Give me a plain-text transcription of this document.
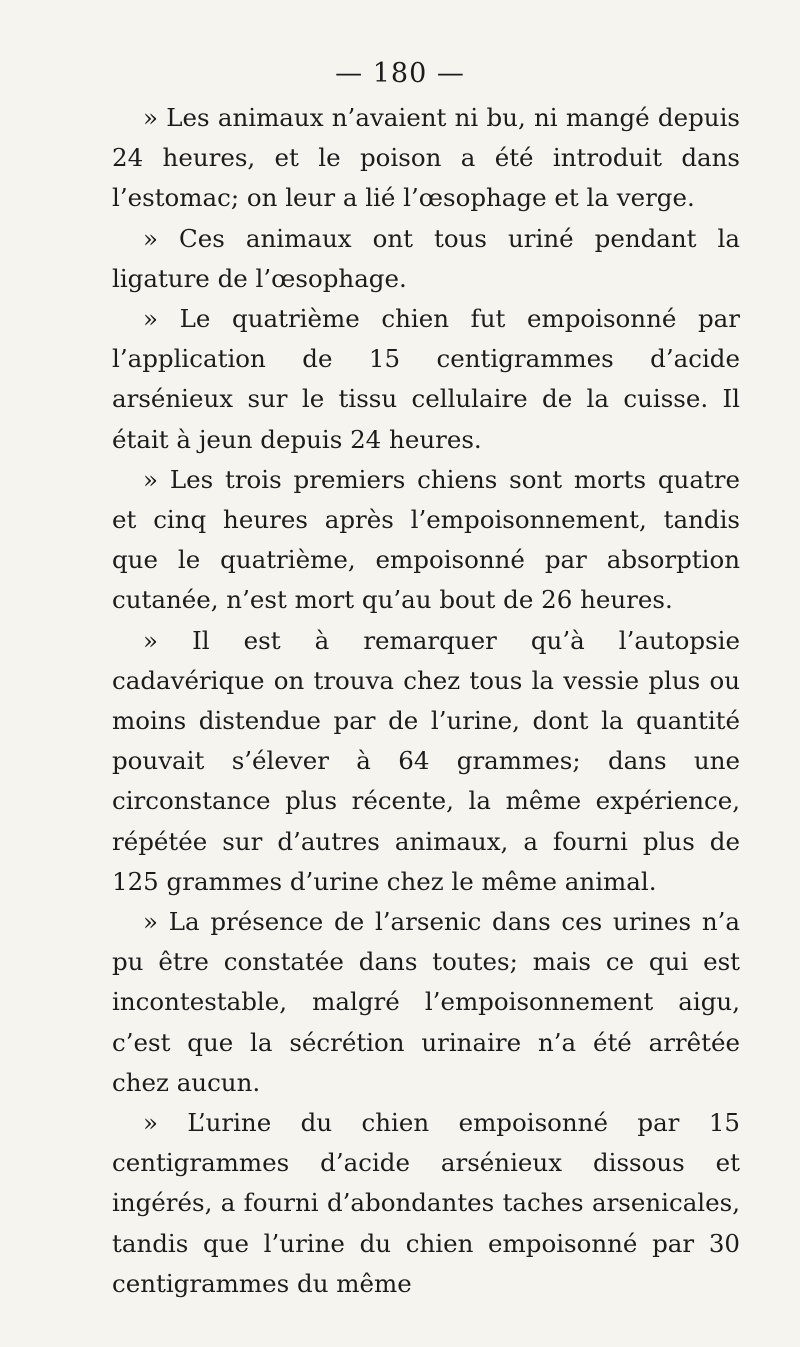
— 180 —

» Les animaux n’avaient ni bu, ni mangé depuis 24 heures, et le poison a été introduit dans l’estomac; on leur a lié l’œsophage et la verge.

» Ces animaux ont tous uriné pendant la ligature de l’œsophage.

» Le quatrième chien fut empoisonné par l’application de 15 centigrammes d’acide arsénieux sur le tissu cellulaire de la cuisse. Il était à jeun depuis 24 heures.

» Les trois premiers chiens sont morts quatre et cinq heures après l’empoisonnement, tandis que le quatrième, empoisonné par absorption cutanée, n’est mort qu’au bout de 26 heures.

» Il est à remarquer qu’à l’autopsie cadavérique on trouva chez tous la vessie plus ou moins distendue par de l’urine, dont la quantité pouvait s’élever à 64 grammes; dans une circonstance plus récente, la même expérience, répétée sur d’autres animaux, a fourni plus de 125 grammes d’urine chez le même animal.

» La présence de l’arsenic dans ces urines n’a pu être constatée dans toutes; mais ce qui est incontestable, malgré l’empoisonnement aigu, c’est que la sécrétion urinaire n’a été arrêtée chez aucun.

» L’urine du chien empoisonné par 15 centigrammes d’acide arsénieux dissous et ingérés, a fourni d’abondantes taches arsenicales, tandis que l’urine du chien empoisonné par 30 centigrammes du même
